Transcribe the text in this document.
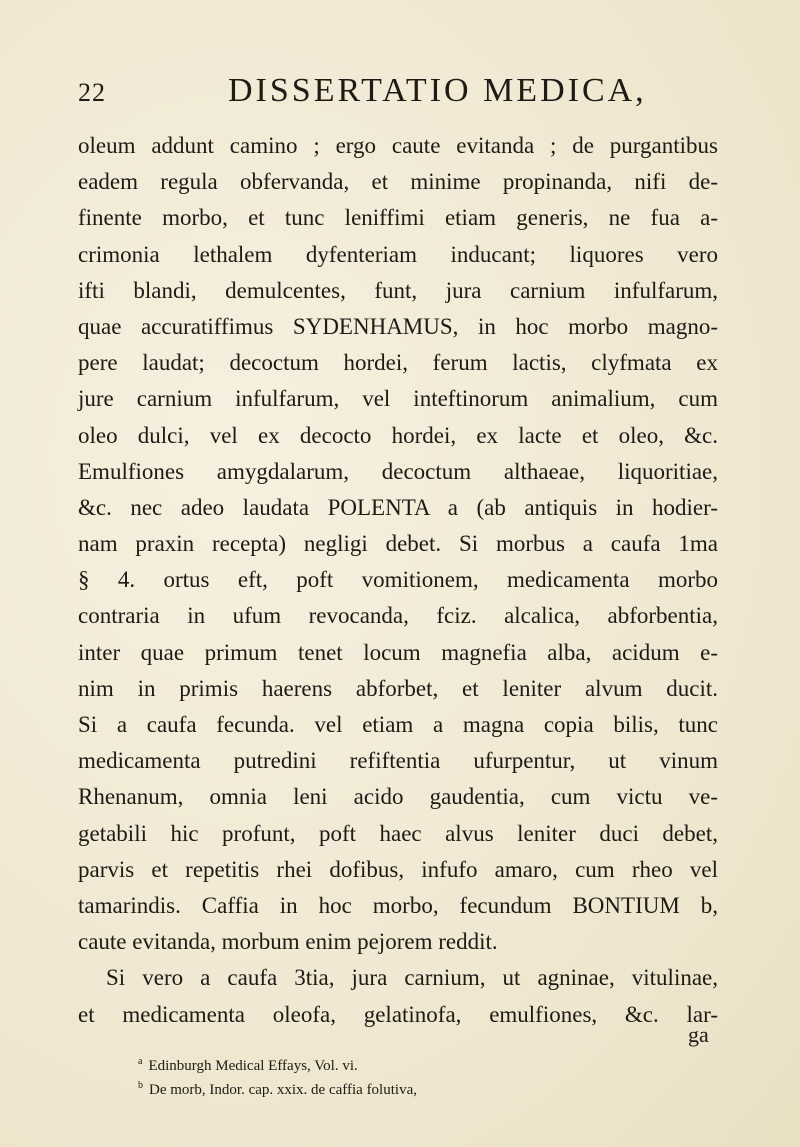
22	DISSERTATIO MEDICA,
oleum addunt camino ; ergo caute evitanda ; de purgantibus
eadem regula obfervanda, et minime propinanda, nifi de-
finente morbo, et tunc leniffimi etiam generis, ne fua a-
crimonia lethalem dyfenteriam inducant; liquores vero
ifti blandi, demulcentes, funt, jura carnium infulfarum,
quae accuratiffimus SYDENHAMUS, in hoc morbo magno-
pere laudat; decoctum hordei, ferum lactis, clyfmata ex
jure carnium infulfarum, vel inteftinorum animalium, cum
oleo dulci, vel ex decocto hordei, ex lacte et oleo, &c.
Emulfiones amygdalarum, decoctum althaeae, liquoritiae,
&c. nec adeo laudata POLENTA a (ab antiquis in hodier-
nam praxin recepta) negligi debet. Si morbus a caufa 1ma
§ 4. ortus eft, poft vomitionem, medicamenta morbo
contraria in ufum revocanda, fciz. alcalica, abforbentia,
inter quae primum tenet locum magnefia alba, acidum e-
nim in primis haerens abforbet, et leniter alvum ducit.
Si a caufa fecunda. vel etiam a magna copia bilis, tunc
medicamenta putredini refiftentia ufurpentur, ut vinum
Rhenanum, omnia leni acido gaudentia, cum victu ve-
getabili hic profunt, poft haec alvus leniter duci debet,
parvis et repetitis rhei dofibus, infufo amaro, cum rheo vel
tamarindis. Caffia in hoc morbo, fecundum BONTIUM b,
caute evitanda, morbum enim pejorem reddit.
Si vero a caufa 3tia, jura carnium, ut agninae, vitulinae,
et medicamenta oleofa, gelatinofa, emulfiones, &c. lar-
ga
$^a$ Edinburgh Medical Effays, Vol. vi.
$^b$ De morb, Indor. cap. xxix. de caffia folutiva,
